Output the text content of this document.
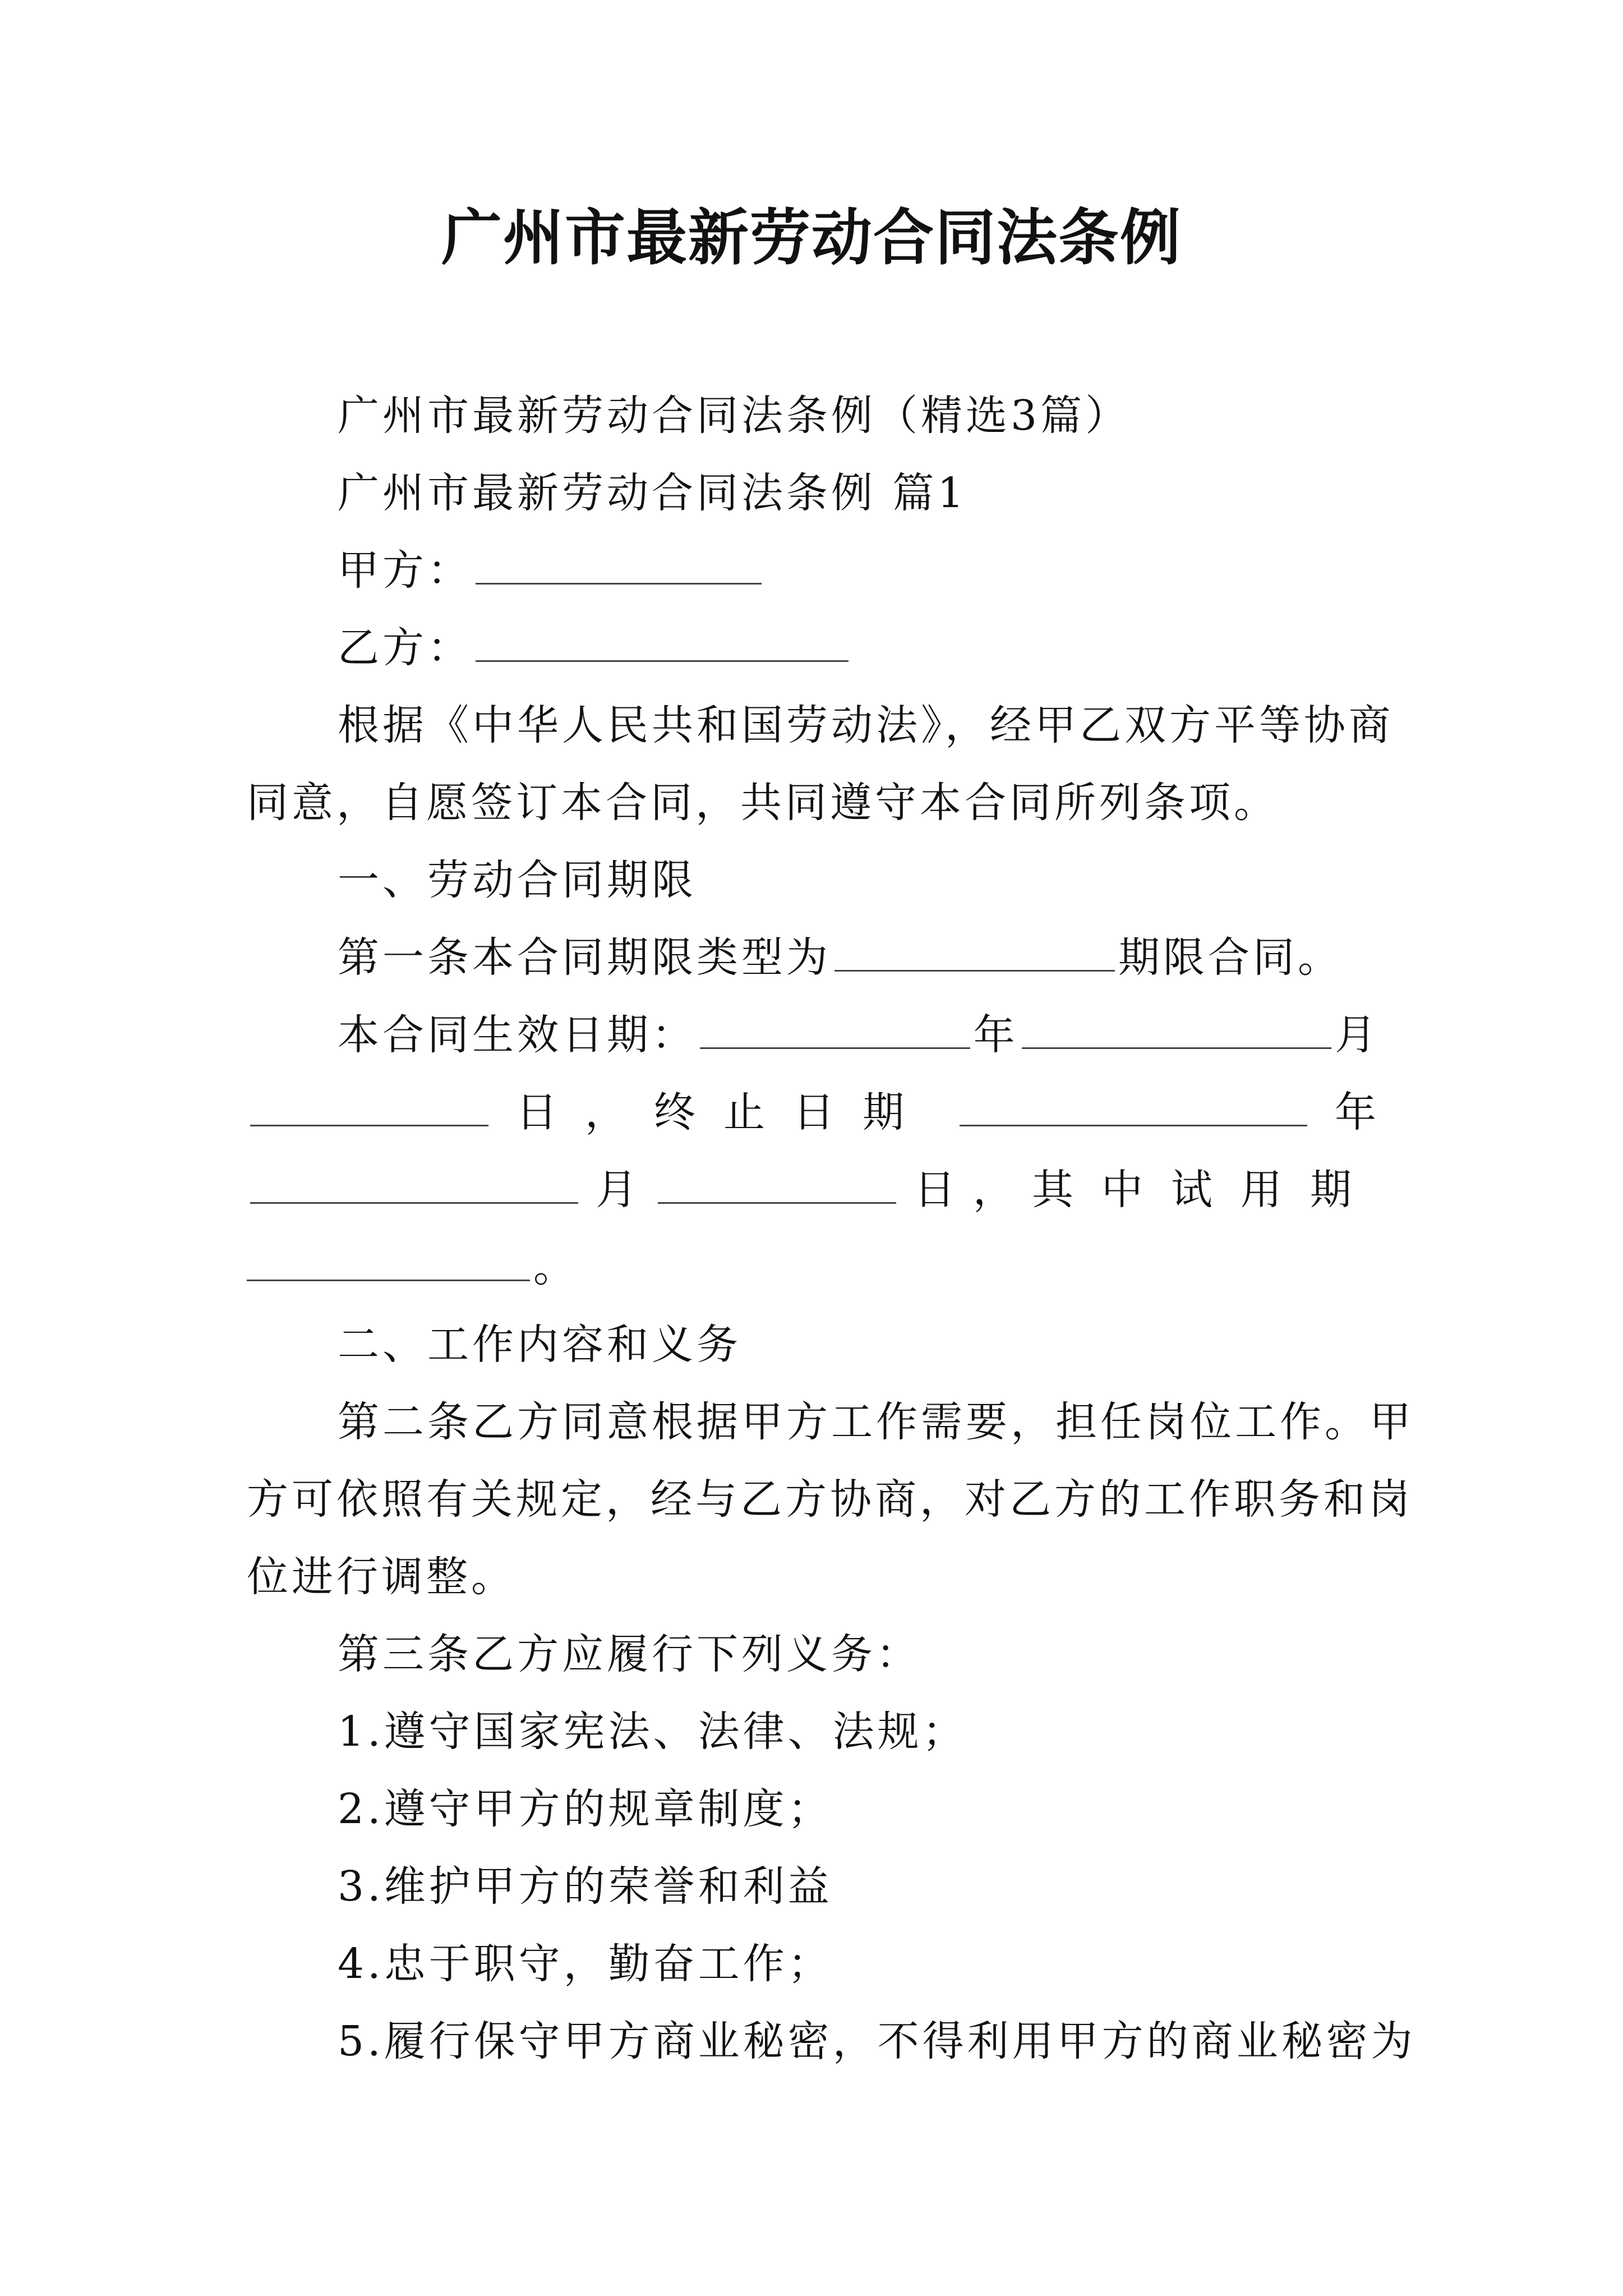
广州市最新劳动合同法条例

广州市最新劳动合同法条例（精选3篇）

广州市最新劳动合同法条例 篇1

甲方：

乙方：

根据《中华人民共和国劳动法》，经甲乙双方平等协商

同意，自愿签订本合同，共同遵守本合同所列条项。

一、劳动合同期限

第一条本合同期限类型为	期限合同。

本合同生效日期：	年	月
日 ， 终止日期	年
月	日 ， 其中试用期

。

二、工作内容和义务

第二条乙方同意根据甲方工作需要，担任岗位工作。甲

方可依照有关规定，经与乙方协商，对乙方的工作职务和岗

位进行调整。

第三条乙方应履行下列义务：

1.遵守国家宪法、法律、法规；

2.遵守甲方的规章制度；

3.维护甲方的荣誉和利益

4.忠于职守，勤奋工作；

5.履行保守甲方商业秘密，不得利用甲方的商业秘密为
